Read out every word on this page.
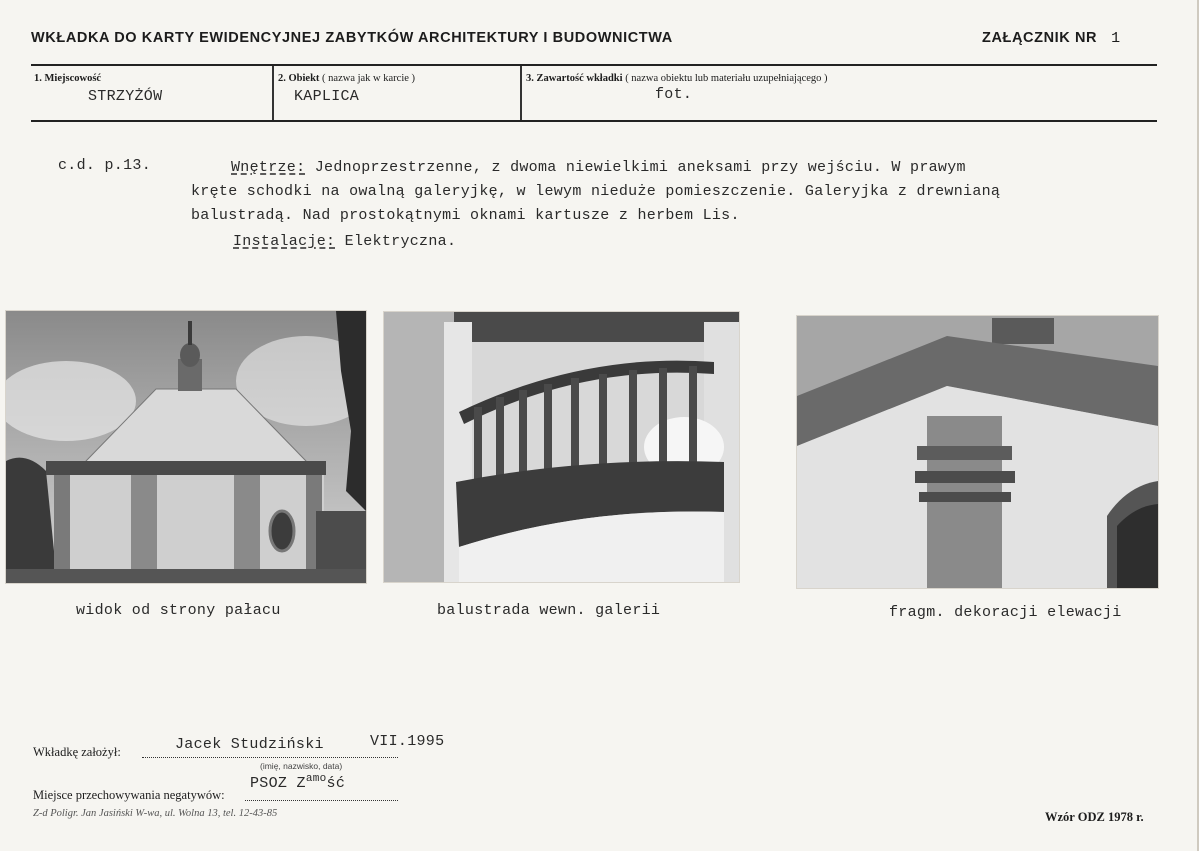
WKŁADKA DO KARTY EWIDENCYJNEJ ZABYTKÓW ARCHITEKTURY I BUDOWNICTWA	ZAŁĄCZNIK NR 1
1. Miejscowość
STRZYŻÓW
2. Obiekt ( nazwa jak w karcie )
KAPLICA
3. Zawartość wkładki ( nazwa obiektu lub materiału uzupełniającego )
fot.
c.d. p.13.	Wnętrze: Jednoprzestrzenne, z dwoma niewielkimi aneksami przy wejściu. W prawym
kręte schodki na owalną galeryjkę, w lewym nieduże pomieszczenie. Galeryjka z drewnianą
balustradą. Nad prostokątnymi oknami kartusze z herbem Lis.
Instalacje: Elektryczna.
widok od strony pałacu	balustrada wewn. galerii	fragm. dekoracji elewacji
Wkładkę założył:	Jacek Studziński	VII.1995
(imię, nazwisko, data)
Miejsce przechowywania negatywów:
PSOZ $Z^{amo}ść$
Z-d Poligr. Jan Jasiński W-wa, ul. Wolna 13, tel. 12-43-85	Wzór ODZ 1978 r.
